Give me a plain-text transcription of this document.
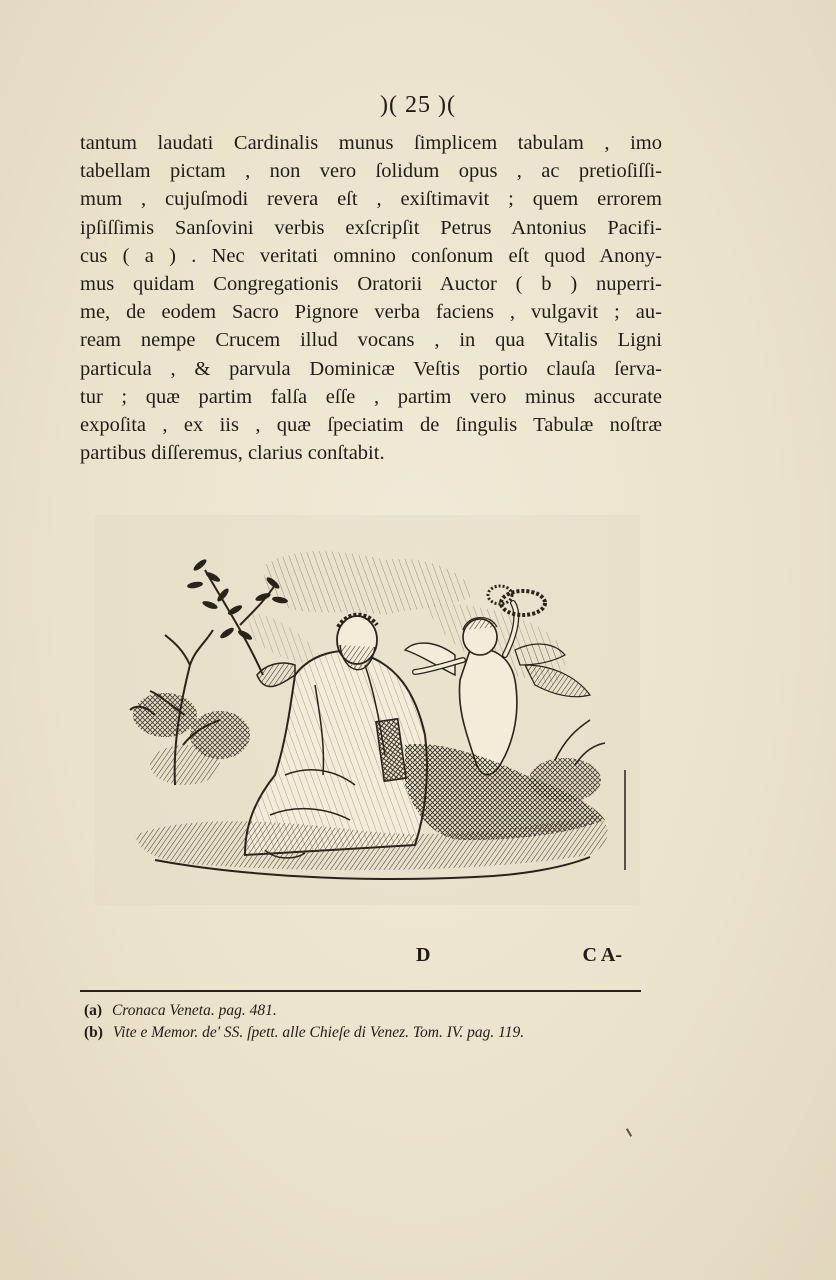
)( 25 )(
tantum laudati Cardinalis munus ſimplicem tabulam , imo
tabellam pictam , non vero ſolidum opus , ac pretioſiſſi-
mum , cujuſmodi revera eſt , exiſtimavit ; quem errorem
ipſiſſimis Sanſovini verbis exſcripſit Petrus Antonius Pacifi-
cus ( a ) . Nec veritati omnino conſonum eſt quod Anony-
mus quidam Congregationis Oratorii Auctor ( b ) nuperri-
me, de eodem Sacro Pignore verba faciens , vulgavit ; au-
ream nempe Crucem illud vocans , in qua Vitalis Ligni
particula , & parvula Dominicæ Veſtis portio clauſa ſerva-
tur ; quæ partim falſa eſſe , partim vero minus accurate
expoſita , ex iis , quæ ſpeciatim de ſingulis Tabulæ noſtræ
partibus diſſeremus, clarius conſtabit.
D	C A-
(a) Cronaca Veneta. pag. 481.
(b) Vite e Memor. de' SS. ſpett. alle Chieſe di Venez. Tom. IV. pag. 119.
